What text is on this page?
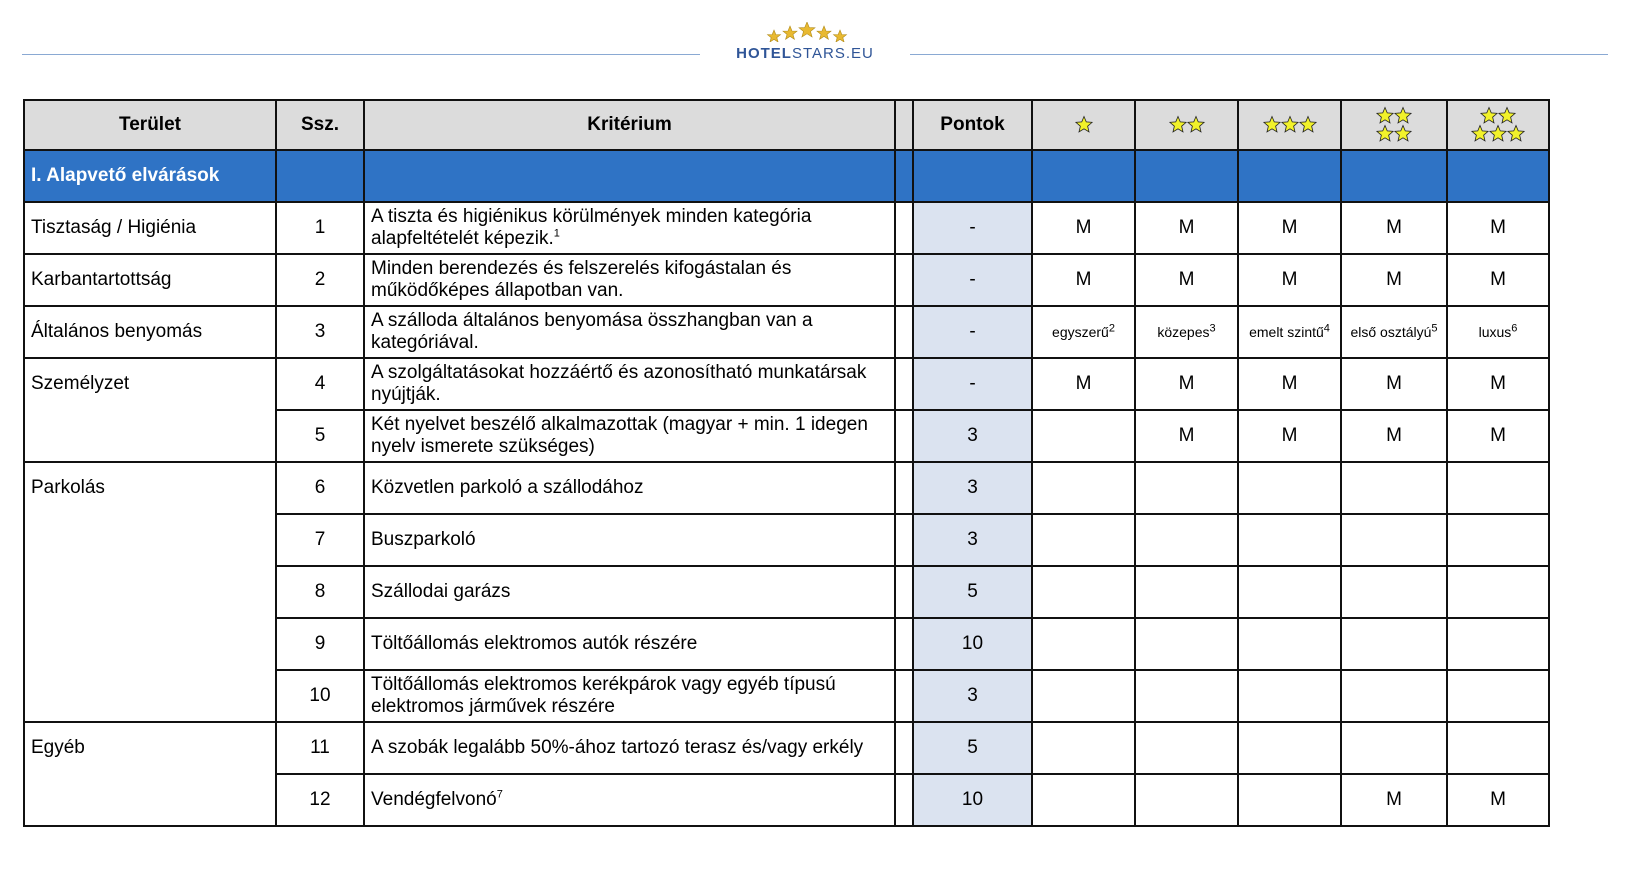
HOTELSTARS.EU
Terület	Ssz.	Kritérium		Pontok	

I. Alapvető elvárások									
Tisztaság / Higiénia	1	A tiszta és higiénikus körülmények minden kategória alapfeltételét képezik.$^1$		-	M	M	M	M	M
Karbantartottság	2	Minden berendezés és felszerelés kifogástalan és működőképes állapotban van.		-	M	M	M	M	M
Általános benyomás	3	A szálloda általános benyomása összhangban van a kategóriával.		-	egyszerű$^2$	közepes$^3$	emelt szintű$^4$	első osztályú$^5$	luxus$^6$
Személyzet	4	A szolgáltatásokat hozzáértő és azonosítható munkatársak nyújtják.		-	M	M	M	M	M
	5	Két nyelvet beszélő alkalmazottak (magyar + min. 1 idegen nyelv ismerete szükséges)		3		M	M	M	M
Parkolás	6	Közvetlen parkoló a szállodához		3					
	7	Buszparkoló		3					
	8	Szállodai garázs		5					
	9	Töltőállomás elektromos autók részére		10					
	10	Töltőállomás elektromos kerékpárok vagy egyéb típusú elektromos járművek részére		3					
Egyéb	11	A szobák legalább 50%-ához tartozó terasz és/vagy erkély		5					
	12	Vendégfelvonó$^7$		10				M	M
